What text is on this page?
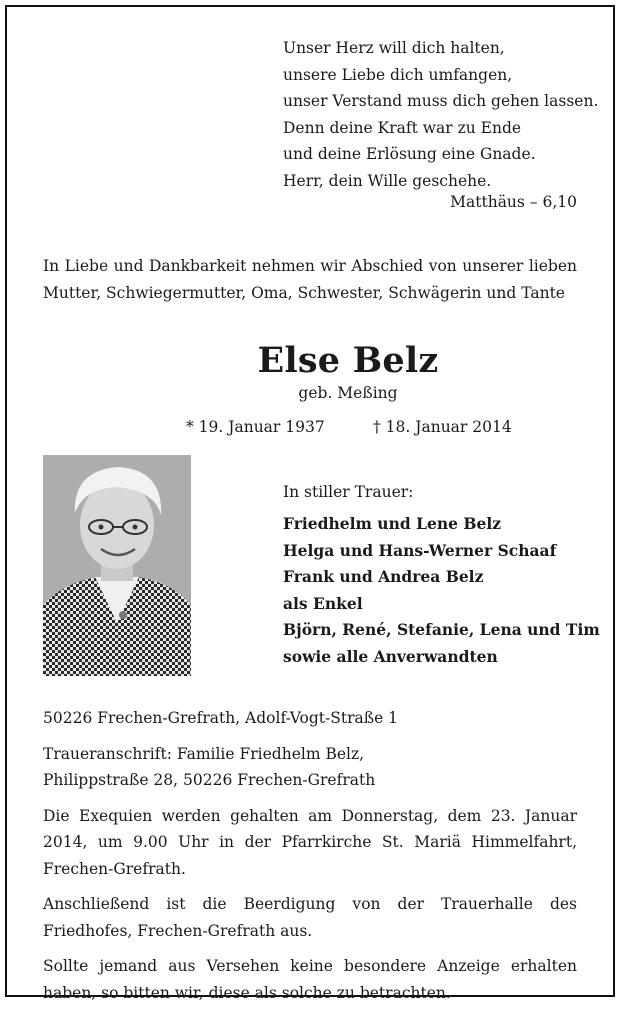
Unser Herz will dich halten,
unsere Liebe dich umfangen,
unser Verstand muss dich gehen lassen.
Denn deine Kraft war zu Ende
und deine Erlösung eine Gnade.
Herr, dein Wille geschehe.
Matthäus – 6,10
In Liebe und Dankbarkeit nehmen wir Abschied von unserer lieben Mutter, Schwiegermutter, Oma, Schwester, Schwägerin und Tante
Else Belz
geb. Meßing
* 19. Januar 1937	† 18. Januar 2014
In stiller Trauer:
Friedhelm und Lene Belz
Helga und Hans-Werner Schaaf
Frank und Andrea Belz
als Enkel
Björn, René, Stefanie, Lena und Tim
sowie alle Anverwandten

50226 Frechen-Grefrath, Adolf-Vogt-Straße 1

Traueranschrift: Familie Friedhelm Belz,
Philippstraße 28, 50226 Frechen-Grefrath

Die Exequien werden gehalten am Donnerstag, dem 23. Januar 2014, um 9.00 Uhr in der Pfarrkirche St. Mariä Himmelfahrt, Frechen-Grefrath.

Anschließend ist die Beerdigung von der Trauerhalle des Friedhofes, Frechen-Grefrath aus.

Sollte jemand aus Versehen keine besondere Anzeige erhalten haben, so bitten wir, diese als solche zu betrachten.
